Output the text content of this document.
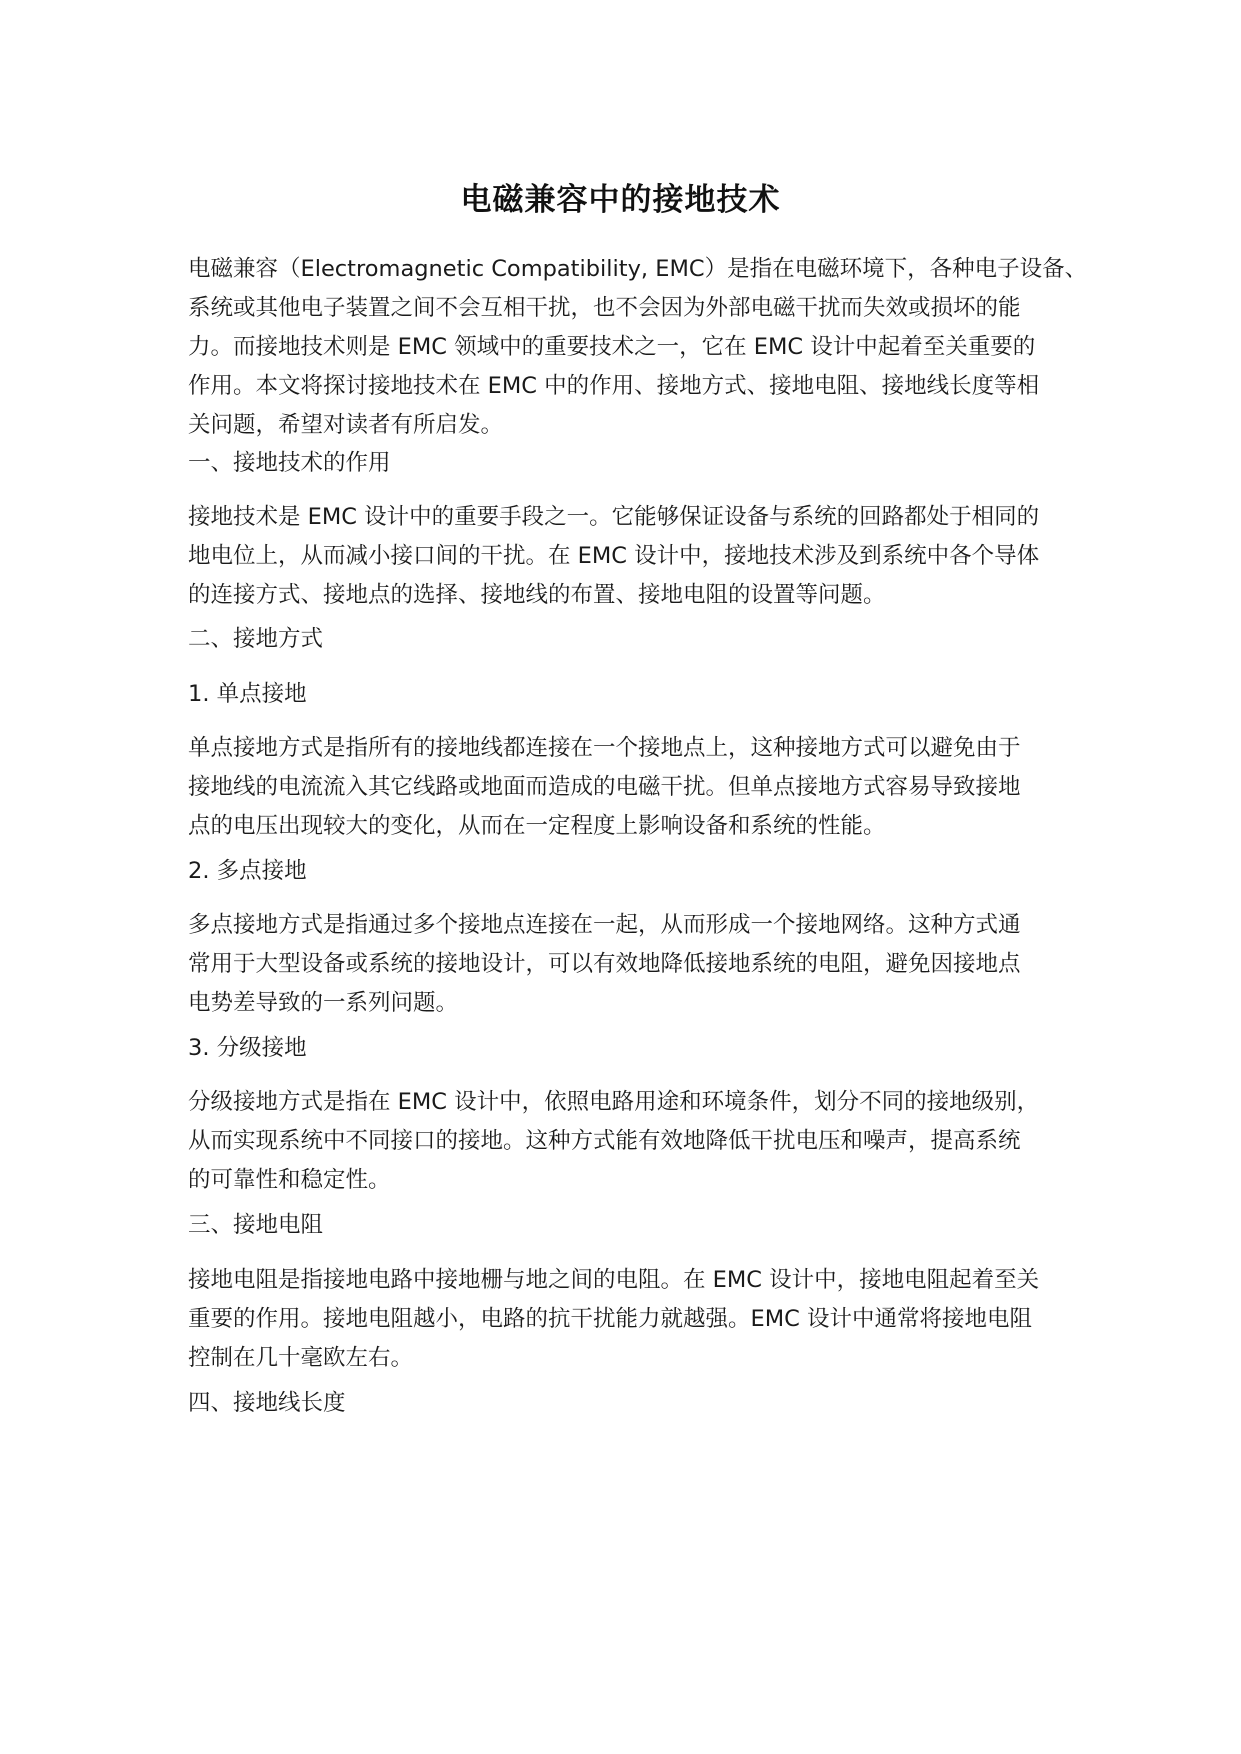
电磁兼容中的接地技术
电磁兼容（Electromagnetic Compatibility, EMC）是指在电磁环境下，各种电子设备、
系统或其他电子装置之间不会互相干扰，也不会因为外部电磁干扰而失效或损坏的能
力。而接地技术则是 EMC 领域中的重要技术之一，它在 EMC 设计中起着至关重要的
作用。本文将探讨接地技术在 EMC 中的作用、接地方式、接地电阻、接地线长度等相
关问题，希望对读者有所启发。
一、接地技术的作用
接地技术是 EMC 设计中的重要手段之一。它能够保证设备与系统的回路都处于相同的
地电位上，从而减小接口间的干扰。在 EMC 设计中，接地技术涉及到系统中各个导体
的连接方式、接地点的选择、接地线的布置、接地电阻的设置等问题。
二、接地方式
1. 单点接地
单点接地方式是指所有的接地线都连接在一个接地点上，这种接地方式可以避免由于
接地线的电流流入其它线路或地面而造成的电磁干扰。但单点接地方式容易导致接地
点的电压出现较大的变化，从而在一定程度上影响设备和系统的性能。
2. 多点接地
多点接地方式是指通过多个接地点连接在一起，从而形成一个接地网络。这种方式通
常用于大型设备或系统的接地设计，可以有效地降低接地系统的电阻，避免因接地点
电势差导致的一系列问题。
3. 分级接地
分级接地方式是指在 EMC 设计中，依照电路用途和环境条件，划分不同的接地级别，
从而实现系统中不同接口的接地。这种方式能有效地降低干扰电压和噪声，提高系统
的可靠性和稳定性。
三、接地电阻
接地电阻是指接地电路中接地栅与地之间的电阻。在 EMC 设计中，接地电阻起着至关
重要的作用。接地电阻越小，电路的抗干扰能力就越强。EMC 设计中通常将接地电阻
控制在几十毫欧左右。
四、接地线长度
